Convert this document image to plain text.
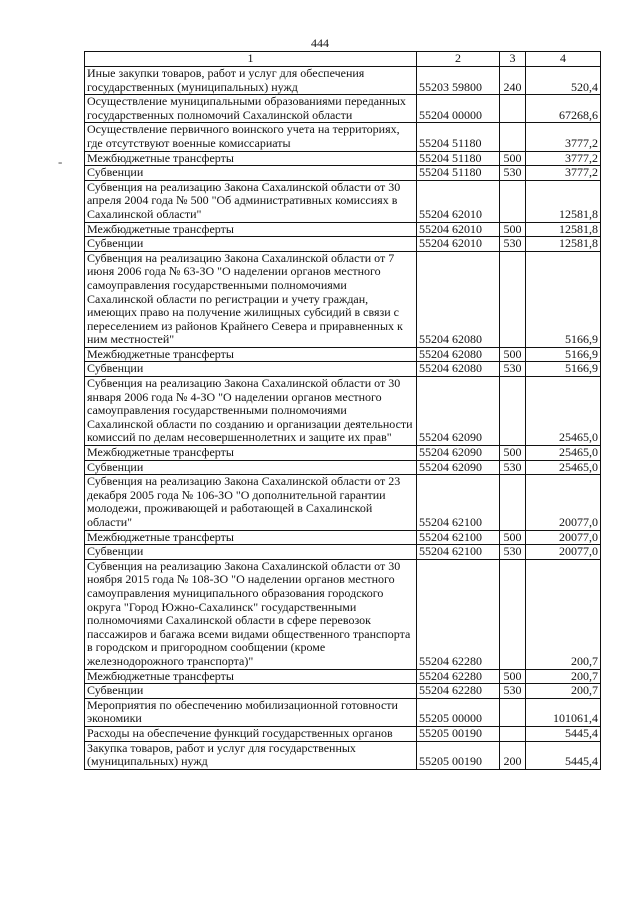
444
-
1	2	3	4
Иные закупки товаров, работ и услуг для обеспечения государственных (муниципальных) нужд	55203 59800	240	520,4
Осуществление муниципальными образованиями переданных государственных полномочий Сахалинской области	55204 00000		67268,6
Осуществление первичного воинского учета на территориях, где отсутствуют военные комиссариаты	55204 51180		3777,2
Межбюджетные трансферты	55204 51180	500	3777,2
Субвенции	55204 51180	530	3777,2
Субвенция на реализацию Закона Сахалинской области от 30 апреля 2004 года № 500 "Об административных комиссиях в Сахалинской области"	55204 62010		12581,8
Межбюджетные трансферты	55204 62010	500	12581,8
Субвенции	55204 62010	530	12581,8
Субвенция на реализацию Закона Сахалинской области от 7 июня 2006 года № 63-ЗО "О наделении органов местного самоуправления государственными полномочиями Сахалинской области по регистрации и учету граждан, имеющих право на получение жилищных субсидий в связи с переселением из районов Крайнего Севера и приравненных к ним местностей"	55204 62080		5166,9
Межбюджетные трансферты	55204 62080	500	5166,9
Субвенции	55204 62080	530	5166,9
Субвенция на реализацию Закона Сахалинской области от 30 января 2006 года № 4-ЗО "О наделении органов местного самоуправления государственными полномочиями Сахалинской области по созданию и организации деятельности комиссий по делам несовершеннолетних и защите их прав"	55204 62090		25465,0
Межбюджетные трансферты	55204 62090	500	25465,0
Субвенции	55204 62090	530	25465,0
Субвенция на реализацию Закона Сахалинской области от 23 декабря 2005 года № 106-ЗО "О дополнительной гарантии молодежи, проживающей и работающей в Сахалинской области"	55204 62100		20077,0
Межбюджетные трансферты	55204 62100	500	20077,0
Субвенции	55204 62100	530	20077,0
Субвенция на реализацию Закона Сахалинской области от 30 ноября 2015 года № 108-ЗО "О наделении органов местного самоуправления муниципального образования городского округа "Город Южно-Сахалинск" государственными полномочиями Сахалинской области в сфере перевозок пассажиров и багажа всеми видами общественного транспорта в городском и пригородном сообщении (кроме железнодорожного транспорта)"	55204 62280		200,7
Межбюджетные трансферты	55204 62280	500	200,7
Субвенции	55204 62280	530	200,7
Мероприятия по обеспечению мобилизационной готовности экономики	55205 00000		101061,4
Расходы на обеспечение функций государственных органов	55205 00190		5445,4
Закупка товаров, работ и услуг для государственных (муниципальных) нужд	55205 00190	200	5445,4
